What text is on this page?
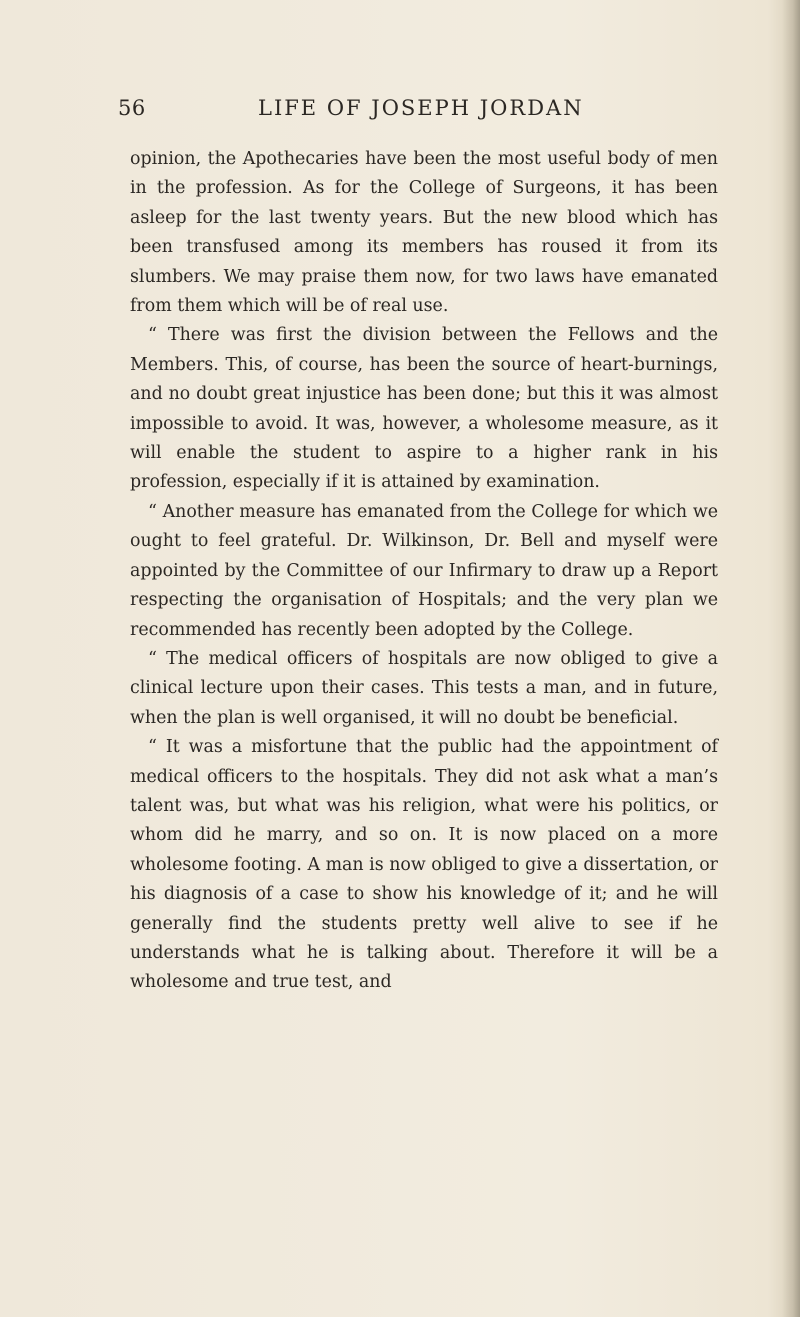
56	LIFE OF JOSEPH JORDAN

opinion, the Apothecaries have been the most useful body of men in the profession. As for the College of Surgeons, it has been asleep for the last twenty years. But the new blood which has been transfused among its members has roused it from its slumbers. We may praise them now, for two laws have emanated from them which will be of real use.

“ There was first the division between the Fellows and the Members. This, of course, has been the source of heart-burnings, and no doubt great injustice has been done; but this it was almost impossible to avoid. It was, however, a wholesome measure, as it will enable the student to aspire to a higher rank in his profession, especially if it is attained by examination.

“ Another measure has emanated from the College for which we ought to feel grateful. Dr. Wilkinson, Dr. Bell and myself were appointed by the Committee of our Infirmary to draw up a Report respecting the organisation of Hospitals; and the very plan we recommended has recently been adopted by the College.

“ The medical officers of hospitals are now obliged to give a clinical lecture upon their cases. This tests a man, and in future, when the plan is well organised, it will no doubt be beneficial.

“ It was a misfortune that the public had the appointment of medical officers to the hospitals. They did not ask what a man’s talent was, but what was his religion, what were his politics, or whom did he marry, and so on. It is now placed on a more wholesome footing. A man is now obliged to give a dissertation, or his diagnosis of a case to show his knowledge of it; and he will generally find the students pretty well alive to see if he understands what he is talking about. Therefore it will be a wholesome and true test, and
